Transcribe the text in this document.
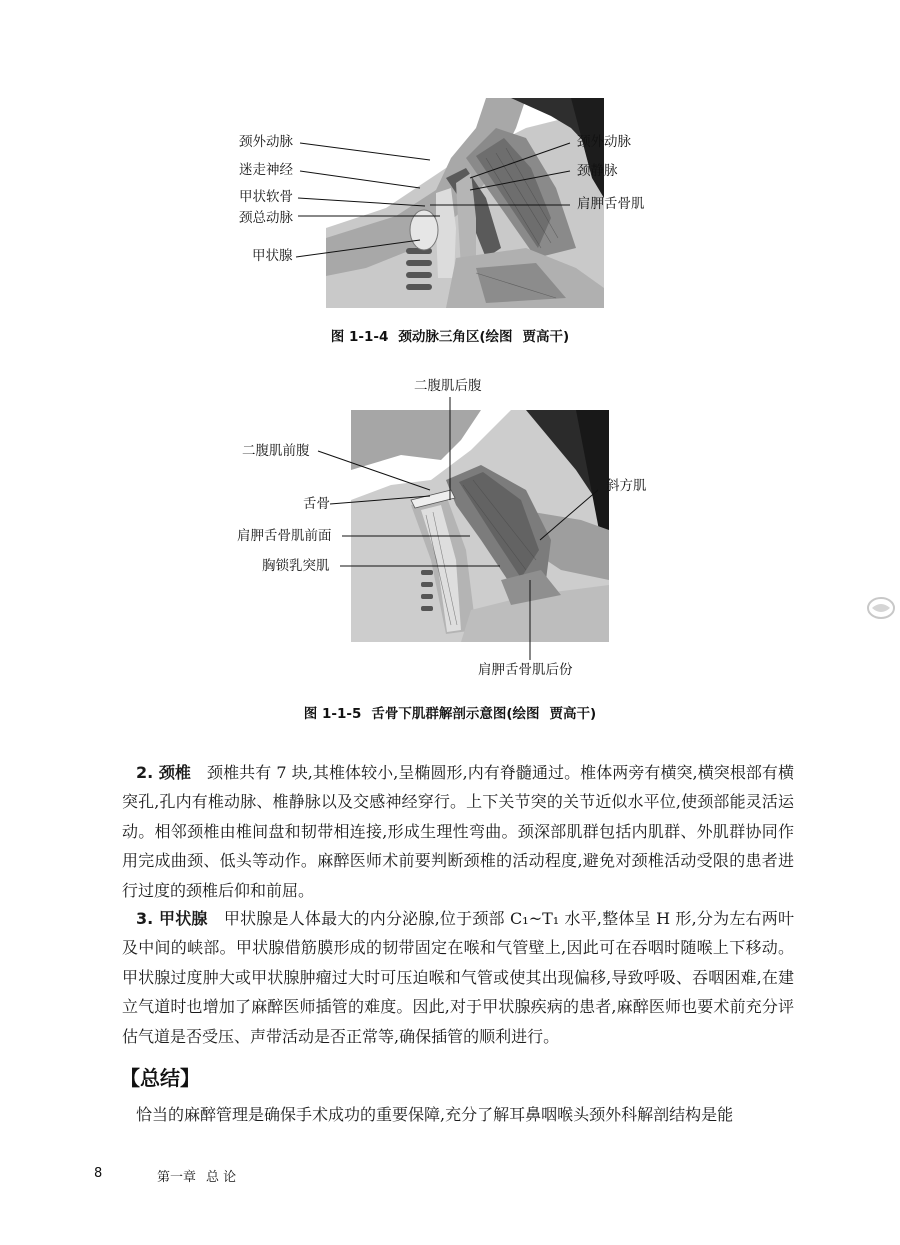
颈外动脉
迷走神经
甲状软骨
颈总动脉
甲状腺
颈外动脉
颈静脉
肩胛舌骨肌
图 1-1-4 颈动脉三角区(绘图 贾高干)
二腹肌后腹
二腹肌前腹
舌骨
肩胛舌骨肌前面
胸锁乳突肌
斜方肌
肩胛舌骨肌后份
图 1-1-5 舌骨下肌群解剖示意图(绘图 贾高干)

2. 颈椎  颈椎共有 7 块,其椎体较小,呈椭圆形,内有脊髓通过。椎体两旁有横突,横突根部有横突孔,孔内有椎动脉、椎静脉以及交感神经穿行。上下关节突的关节近似水平位,使颈部能灵活运动。相邻颈椎由椎间盘和韧带相连接,形成生理性弯曲。颈深部肌群包括内肌群、外肌群协同作用完成曲颈、低头等动作。麻醉医师术前要判断颈椎的活动程度,避免对颈椎活动受限的患者进行过度的颈椎后仰和前屈。

3. 甲状腺  甲状腺是人体最大的内分泌腺,位于颈部 C₁~T₁ 水平,整体呈 H 形,分为左右两叶及中间的峡部。甲状腺借筋膜形成的韧带固定在喉和气管壁上,因此可在吞咽时随喉上下移动。甲状腺过度肿大或甲状腺肿瘤过大时可压迫喉和气管或使其出现偏移,导致呼吸、吞咽困难,在建立气道时也增加了麻醉医师插管的难度。因此,对于甲状腺疾病的患者,麻醉医师也要术前充分评估气道是否受压、声带活动是否正常等,确保插管的顺利进行。

【总结】

恰当的麻醉管理是确保手术成功的重要保障,充分了解耳鼻咽喉头颈外科解剖结构是能

8	第一章 总 论
